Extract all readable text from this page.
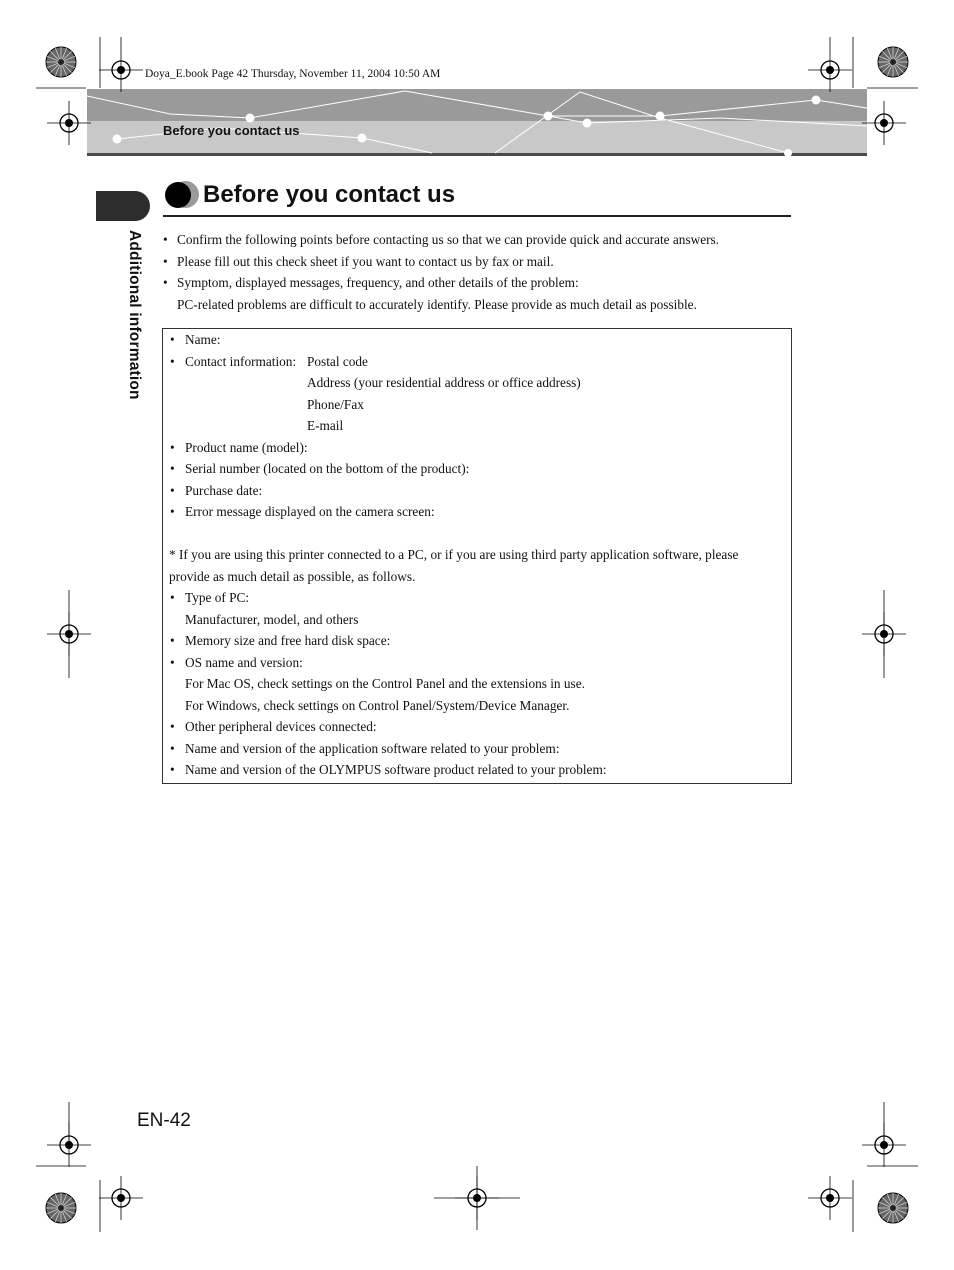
Doya_E.book Page 42 Thursday, November 11, 2004 10:50 AM
Before you contact us
Additional information
Before you contact us
• Confirm the following points before contacting us so that we can provide quick and accurate answers.
• Please fill out this check sheet if you want to contact us by fax or mail.
• Symptom, displayed messages, frequency, and other details of the problem:
PC-related problems are difficult to accurately identify. Please provide as much detail as possible.
• Name:
• Contact information: Postal code
Address (your residential address or office address)
Phone/Fax
E-mail
• Product name (model):
• Serial number (located on the bottom of the product):
• Purchase date:
• Error message displayed on the camera screen:
* If you are using this printer connected to a PC, or if you are using third party application software, please
provide as much detail as possible, as follows.
• Type of PC:
Manufacturer, model, and others
• Memory size and free hard disk space:
• OS name and version:
For Mac OS, check settings on the Control Panel and the extensions in use.
For Windows, check settings on Control Panel/System/Device Manager.
• Other peripheral devices connected:
• Name and version of the application software related to your problem:
• Name and version of the OLYMPUS software product related to your problem:
EN-42
